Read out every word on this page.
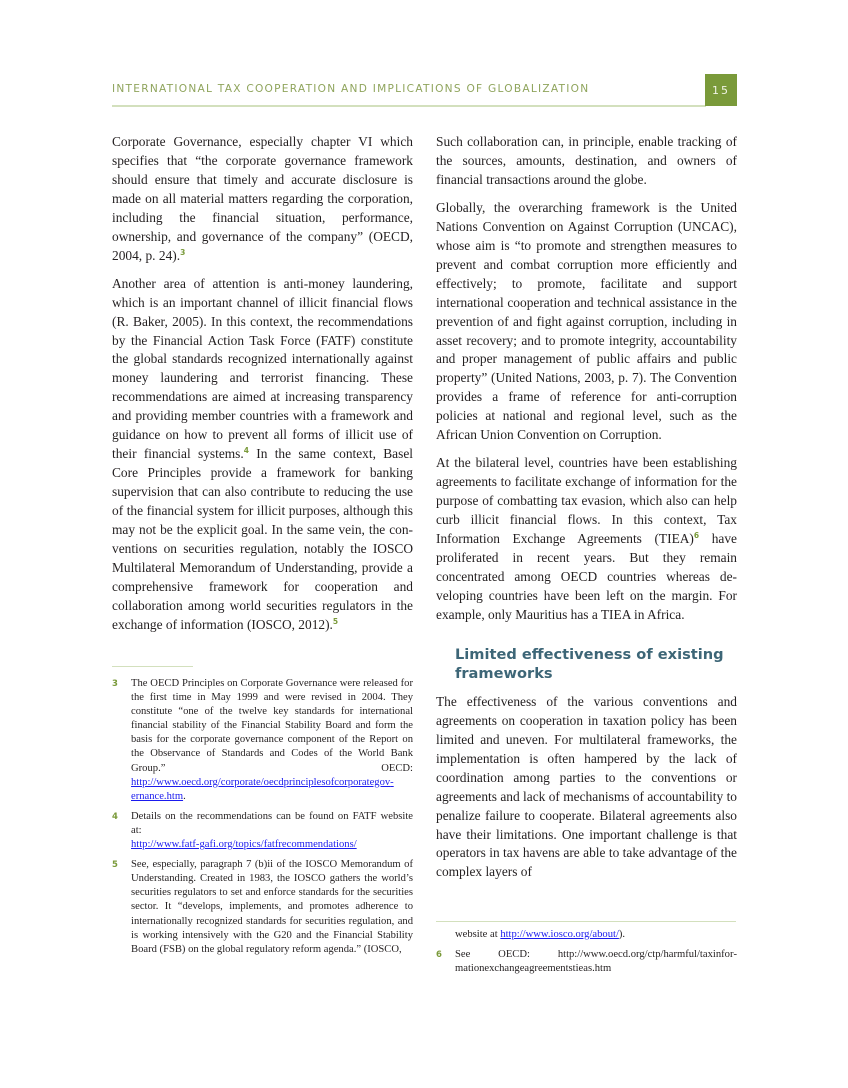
INTERNATIONAL TAX COOPERATION AND IMPLICATIONS OF GLOBALIZATION	15

Corporate Governance, especially chapter VI which specifies that “the corporate governance framework should ensure that timely and accurate disclosure is made on all material matters regarding the corporation, including the financial situation, performance, ownership, and governance of the company” (OECD, 2004, p. 24).$^3$

Another area of attention is anti-money laundering, which is an important channel of illicit financial flows (R. Baker, 2005). In this context, the recommendations by the Financial Action Task Force (FATF) constitute the global standards recognized internationally against money laundering and terrorist financing. These recommendations are aimed at increasing transparency and providing member countries with a framework and guidance on how to prevent all forms of illicit use of their financial systems.$^4$ In the same context, Basel Core Principles provide a framework for banking supervision that can also contribute to reducing the use of the financial system for illicit purposes, although this may not be the explicit goal. In the same vein, the conventions on securities regulation, notably the IOSCO Multilateral Memorandum of Understanding, provide a comprehensive framework for cooperation and collaboration among world securities regulators in the exchange of information (IOSCO, 2012).$^5$

3 The OECD Principles on Corporate Governance were released for the first time in May 1999 and were revised in 2004. They constitute “one of the twelve key standards for international financial stability of the Financial Stability Board and form the basis for the corporate governance component of the Report on the Observance of Standards and Codes of the World Bank Group.” OECD: http://www.oecd.org/corporate/oecdprinciplesofcorporategovernance.htm.
4 Details on the recommendations can be found on FATF website at:
http://www.fatf-gafi.org/topics/fatfrecommendations/
5 See, especially, paragraph 7 (b)ii of the IOSCO Memorandum of Understanding. Created in 1983, the IOSCO gathers the world’s securities regulators to set and enforce standards for the securities sector. It “develops, implements, and promotes adherence to internationally recognized standards for securities regulation, and is working intensively with the G20 and the Financial Stability Board (FSB) on the global regulatory reform agenda.” (IOSCO,

Such collaboration can, in principle, enable tracking of the sources, amounts, destination, and owners of financial transactions around the globe.

Globally, the overarching framework is the United Nations Convention on Against Corruption (UNCAC), whose aim is “to promote and strengthen measures to prevent and combat corruption more efficiently and effectively; to promote, facilitate and support international cooperation and technical assistance in the prevention of and fight against corruption, including in asset recovery; and to promote integrity, accountability and proper management of public affairs and public property” (United Nations, 2003, p. 7). The Convention provides a frame of reference for anti-corruption policies at national and regional level, such as the African Union Convention on Corruption.

At the bilateral level, countries have been establishing agreements to facilitate exchange of information for the purpose of combatting tax evasion, which also can help curb illicit financial flows. In this context, Tax Information Exchange Agreements (TIEA)$^6$ have proliferated in recent years. But they remain concentrated among OECD countries whereas developing countries have been left on the margin. For example, only Mauritius has a TIEA in Africa.

Limited effectiveness of existing frameworks

The effectiveness of the various conventions and agreements on cooperation in taxation policy has been limited and uneven. For multilateral frameworks, the implementation is often hampered by the lack of coordination among parties to the conventions or agreements and lack of mechanisms of accountability to penalize failure to cooperate. Bilateral agreements also have their limitations. One important challenge is that operators in tax havens are able to take advantage of the complex layers of

website at http://www.iosco.org/about/).
6 See OECD: http://www.oecd.org/ctp/harmful/taxinformationexchangeagreementstieas.htm
